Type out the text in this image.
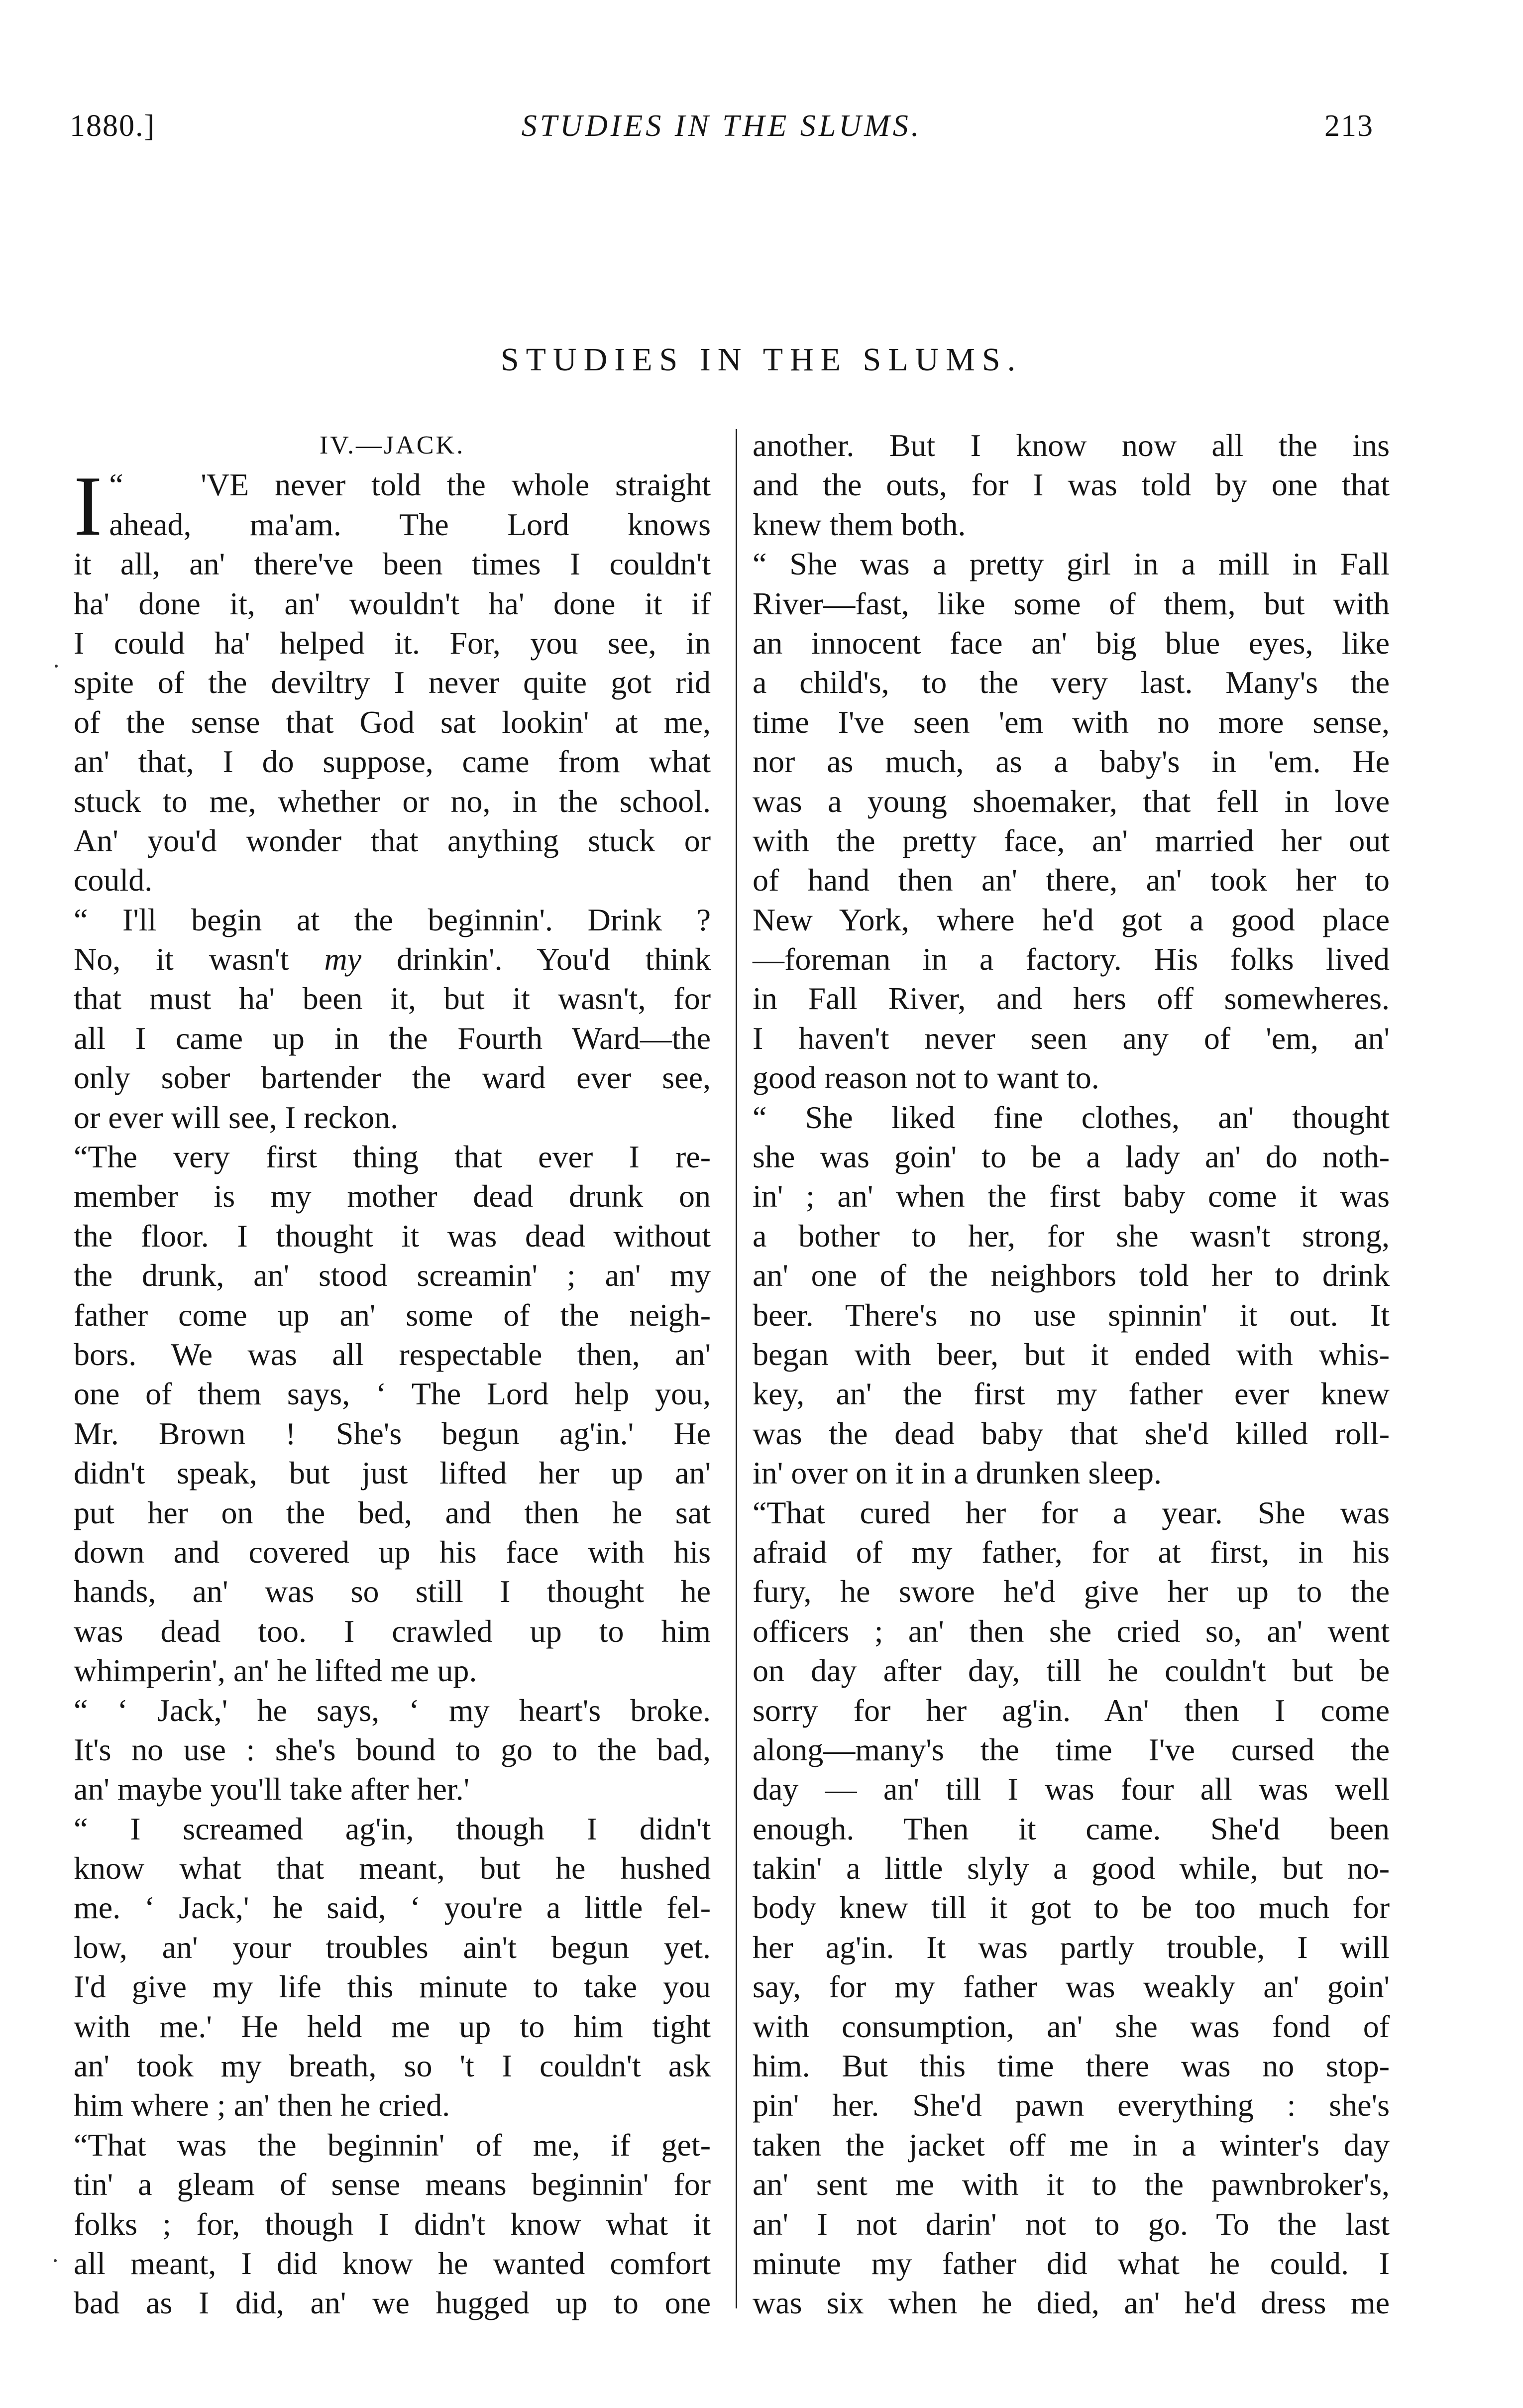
1880.]	STUDIES IN THE SLUMS.	213
STUDIES IN THE SLUMS.
IV.—JACK.
I “   'VE never told the whole straight
ahead, ma'am. The Lord knows
it all, an' there've been times I couldn't
ha' done it, an' wouldn't ha' done it if
I could ha' helped it. For, you see, in
spite of the deviltry I never quite got rid
of the sense that God sat lookin' at me,
an' that, I do suppose, came from what
stuck to me, whether or no, in the school.
An' you'd wonder that anything stuck or
could.
“ I'll begin at the beginnin'. Drink ?
No, it wasn't my drinkin'. You'd think
that must ha' been it, but it wasn't, for
all I came up in the Fourth Ward—the
only sober bartender the ward ever see,
or ever will see, I reckon.
“The very first thing that ever I re-
member is my mother dead drunk on
the floor. I thought it was dead without
the drunk, an' stood screamin' ; an' my
father come up an' some of the neigh-
bors. We was all respectable then, an'
one of them says, ‘ The Lord help you,
Mr. Brown ! She's begun ag'in.' He
didn't speak, but just lifted her up an'
put her on the bed, and then he sat
down and covered up his face with his
hands, an' was so still I thought he
was dead too. I crawled up to him
whimperin', an' he lifted me up.
“ ‘ Jack,' he says, ‘ my heart's broke.
It's no use : she's bound to go to the bad,
an' maybe you'll take after her.'
“ I screamed ag'in, though I didn't
know what that meant, but he hushed
me. ‘ Jack,' he said, ‘ you're a little fel-
low, an' your troubles ain't begun yet.
I'd give my life this minute to take you
with me.' He held me up to him tight
an' took my breath, so 't I couldn't ask
him where ; an' then he cried.
“That was the beginnin' of me, if get-
tin' a gleam of sense means beginnin' for
folks ; for, though I didn't know what it
all meant, I did know he wanted comfort
bad as I did, an' we hugged up to one
another. But I know now all the ins
and the outs, for I was told by one that
knew them both.
“ She was a pretty girl in a mill in Fall
River—fast, like some of them, but with
an innocent face an' big blue eyes, like
a child's, to the very last. Many's the
time I've seen 'em with no more sense,
nor as much, as a baby's in 'em. He
was a young shoemaker, that fell in love
with the pretty face, an' married her out
of hand then an' there, an' took her to
New York, where he'd got a good place
—foreman in a factory. His folks lived
in Fall River, and hers off somewheres.
I haven't never seen any of 'em, an'
good reason not to want to.
“ She liked fine clothes, an' thought
she was goin' to be a lady an' do noth-
in' ; an' when the first baby come it was
a bother to her, for she wasn't strong,
an' one of the neighbors told her to drink
beer. There's no use spinnin' it out. It
began with beer, but it ended with whis-
key, an' the first my father ever knew
was the dead baby that she'd killed roll-
in' over on it in a drunken sleep.
“That cured her for a year. She was
afraid of my father, for at first, in his
fury, he swore he'd give her up to the
officers ; an' then she cried so, an' went
on day after day, till he couldn't but be
sorry for her ag'in. An' then I come
along—many's the time I've cursed the
day — an' till I was four all was well
enough. Then it came. She'd been
takin' a little slyly a good while, but no-
body knew till it got to be too much for
her ag'in. It was partly trouble, I will
say, for my father was weakly an' goin'
with consumption, an' she was fond of
him. But this time there was no stop-
pin' her. She'd pawn everything : she's
taken the jacket off me in a winter's day
an' sent me with it to the pawnbroker's,
an' I not darin' not to go. To the last
minute my father did what he could. I
was six when he died, an' he'd dress me
